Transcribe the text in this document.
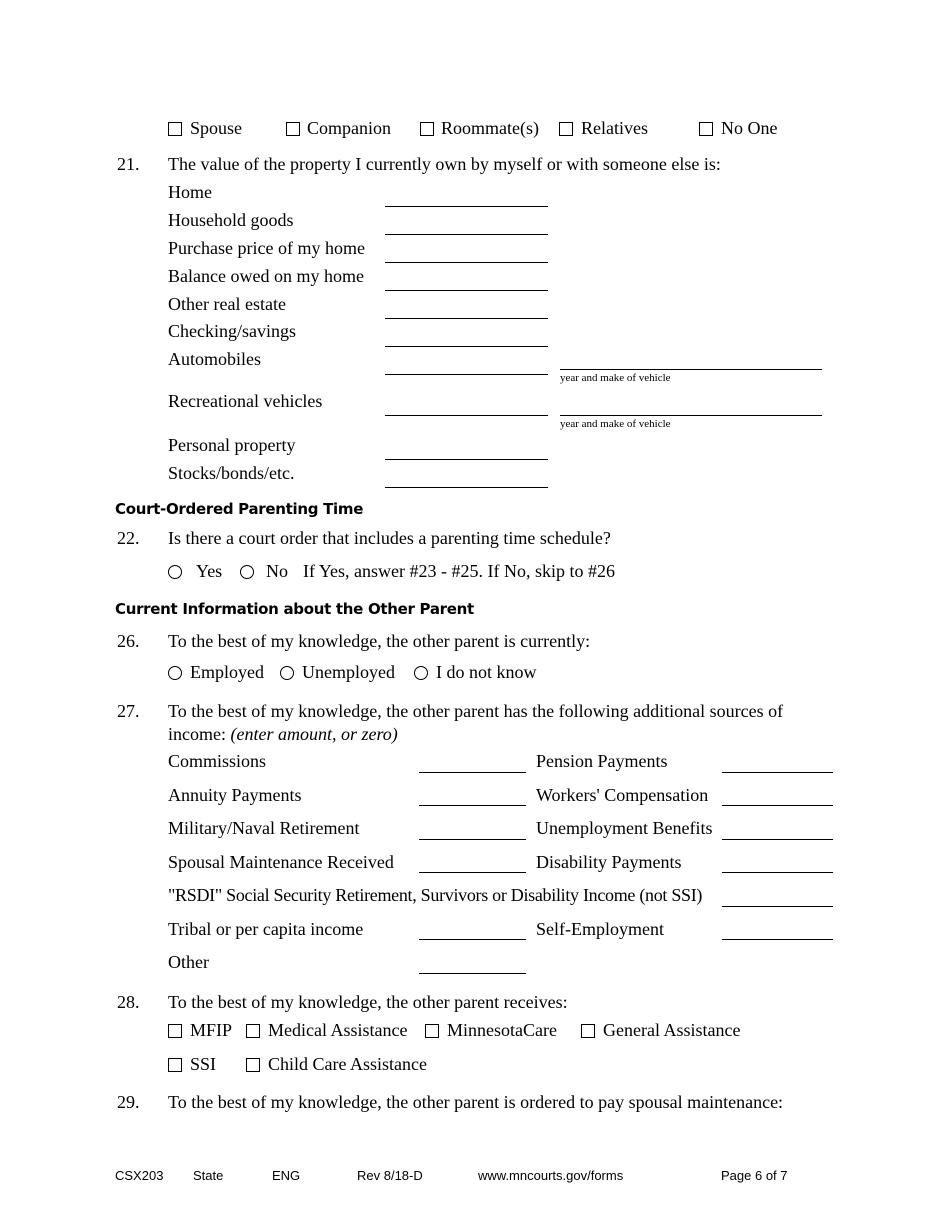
Spouse	Companion	Roommate(s) Relatives	No One
21. The value of the property I currently own by myself or with someone else is:
Home
Household goods
Purchase price of my home
Balance owed on my home
Other real estate
Checking/savings
Automobiles
year and make of vehicle
Recreational vehicles
year and make of vehicle
Personal property
Stocks/bonds/etc.
Court-Ordered Parenting Time
22. Is there a court order that includes a parenting time schedule?
Yes No If Yes, answer #23 - #25. If No, skip to #26
Current Information about the Other Parent
26. To the best of my knowledge, the other parent is currently:
Employed Unemployed I do not know
27. To the best of my knowledge, the other parent has the following additional sources of
income: (enter amount, or zero)
Commissions	Pension Payments
Annuity Payments	Workers' Compensation
Military/Naval Retirement	Unemployment Benefits
Spousal Maintenance Received	Disability Payments
"RSDI" Social Security Retirement, Survivors or Disability Income (not SSI)
Tribal or per capita income	Self-Employment
Other
28. To the best of my knowledge, the other parent receives:
MFIP Medical Assistance MinnesotaCare	General Assistance
SSI	Child Care Assistance
29. To the best of my knowledge, the other parent is ordered to pay spousal maintenance:
CSX203 State	ENG	Rev 8/18-D	www.mncourts.gov/forms	Page 6 of 7
